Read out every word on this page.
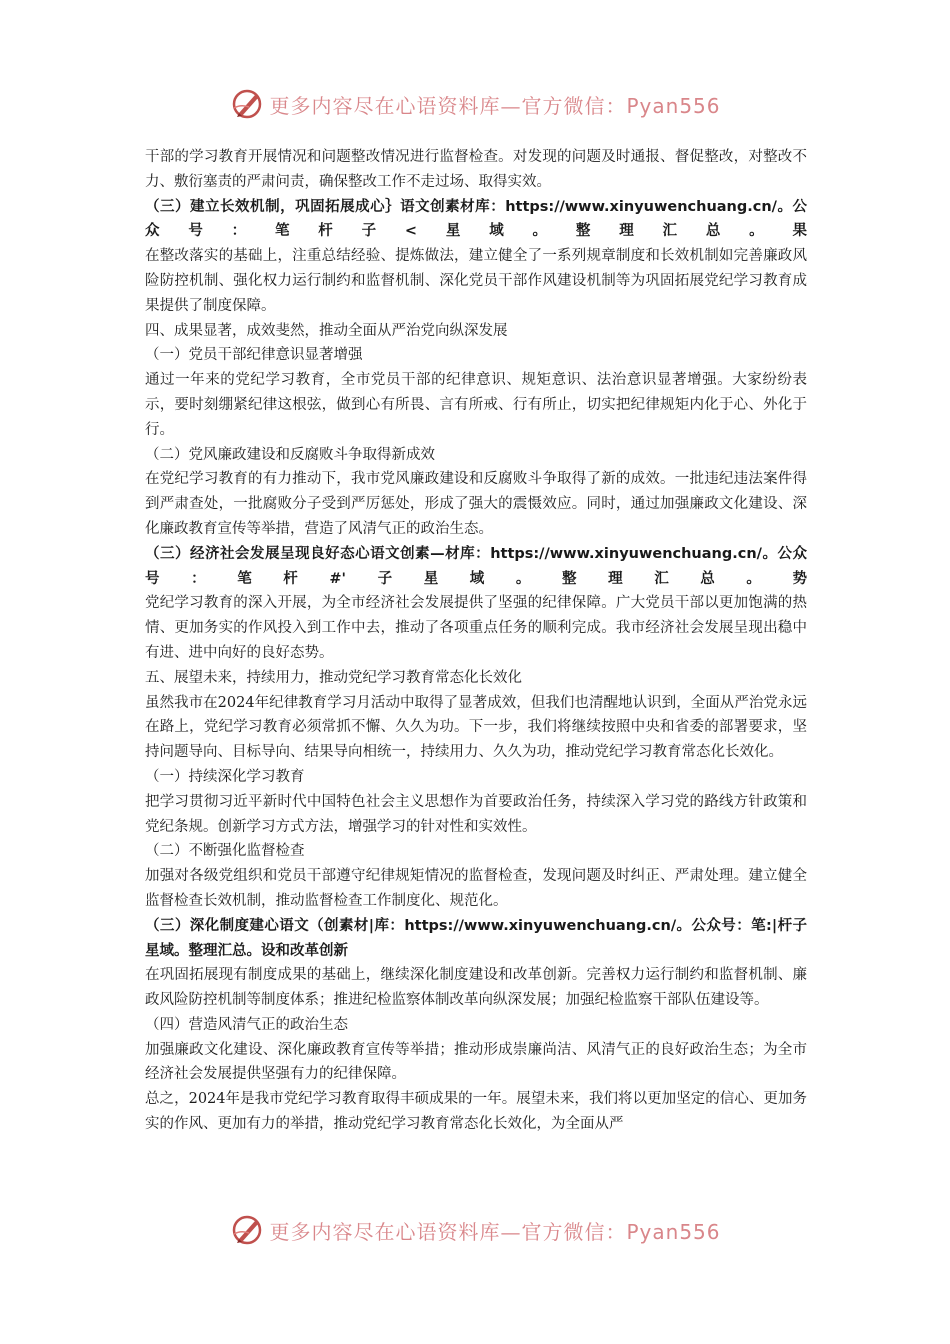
更多内容尽在心语资料库—官方微信：Pyan556

干部的学习教育开展情况和问题整改情况进行监督检查。对发现的问题及时通报、督促整改，对整改不力、敷衍塞责的严肃问责，确保整改工作不走过场、取得实效。

（三）建立长效机制，巩固拓展成心｝语文创素材库：https://www.xinyuwenchuang.cn/。公众号：笔杆子<星域。整理汇总。果

在整改落实的基础上，注重总结经验、提炼做法，建立健全了一系列规章制度和长效机制如完善廉政风险防控机制、强化权力运行制约和监督机制、深化党员干部作风建设机制等为巩固拓展党纪学习教育成果提供了制度保障。

四、成果显著，成效斐然，推动全面从严治党向纵深发展

（一）党员干部纪律意识显著增强

通过一年来的党纪学习教育，全市党员干部的纪律意识、规矩意识、法治意识显著增强。大家纷纷表示，要时刻绷紧纪律这根弦，做到心有所畏、言有所戒、行有所止，切实把纪律规矩内化于心、外化于行。

（二）党风廉政建设和反腐败斗争取得新成效

在党纪学习教育的有力推动下，我市党风廉政建设和反腐败斗争取得了新的成效。一批违纪违法案件得到严肃查处，一批腐败分子受到严厉惩处，形成了强大的震慑效应。同时，通过加强廉政文化建设、深化廉政教育宣传等举措，营造了风清气正的政治生态。

（三）经济社会发展呈现良好态心语文创素—材库：https://www.xinyuwenchuang.cn/。公众号：笔杆#'子星域。整理汇总。势

党纪学习教育的深入开展，为全市经济社会发展提供了坚强的纪律保障。广大党员干部以更加饱满的热情、更加务实的作风投入到工作中去，推动了各项重点任务的顺利完成。我市经济社会发展呈现出稳中有进、进中向好的良好态势。

五、展望未来，持续用力，推动党纪学习教育常态化长效化

虽然我市在2024年纪律教育学习月活动中取得了显著成效，但我们也清醒地认识到，全面从严治党永远在路上，党纪学习教育必须常抓不懈、久久为功。下一步，我们将继续按照中央和省委的部署要求，坚持问题导向、目标导向、结果导向相统一，持续用力、久久为功，推动党纪学习教育常态化长效化。

（一）持续深化学习教育

把学习贯彻习近平新时代中国特色社会主义思想作为首要政治任务，持续深入学习党的路线方针政策和党纪条规。创新学习方式方法，增强学习的针对性和实效性。

（二）不断强化监督检查

加强对各级党组织和党员干部遵守纪律规矩情况的监督检查，发现问题及时纠正、严肃处理。建立健全监督检查长效机制，推动监督检查工作制度化、规范化。

（三）深化制度建心语文（创素材|库：https://www.xinyuwenchuang.cn/。公众号：笔:|杆子星域。整理汇总。设和改革创新

在巩固拓展现有制度成果的基础上，继续深化制度建设和改革创新。完善权力运行制约和监督机制、廉政风险防控机制等制度体系；推进纪检监察体制改革向纵深发展；加强纪检监察干部队伍建设等。

（四）营造风清气正的政治生态

加强廉政文化建设、深化廉政教育宣传等举措；推动形成崇廉尚洁、风清气正的良好政治生态；为全市经济社会发展提供坚强有力的纪律保障。

总之，2024年是我市党纪学习教育取得丰硕成果的一年。展望未来，我们将以更加坚定的信心、更加务实的作风、更加有力的举措，推动党纪学习教育常态化长效化，为全面从严

更多内容尽在心语资料库—官方微信：Pyan556
